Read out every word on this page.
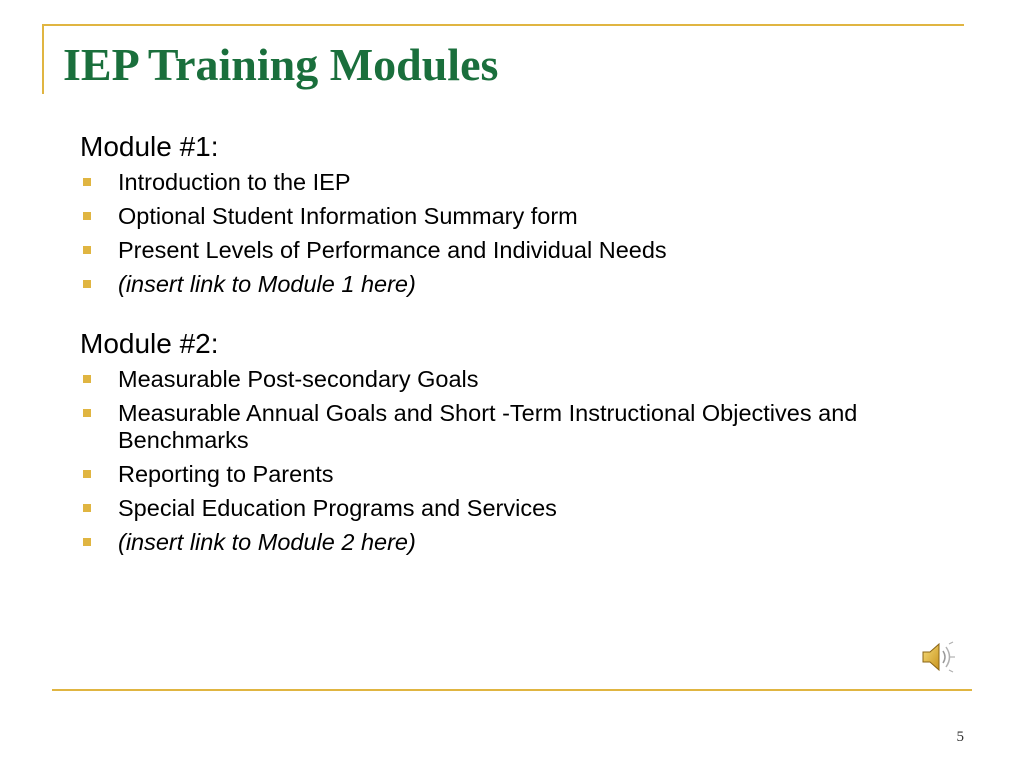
IEP Training Modules
Module #1:
Introduction to the IEP
Optional Student Information Summary form
Present Levels of Performance and Individual Needs
(insert link to Module 1 here)
Module #2:
Measurable Post-secondary Goals
Measurable Annual Goals and Short -Term Instructional Objectives and Benchmarks
Reporting to Parents
Special Education Programs and Services
(insert link to Module 2 here)
5
